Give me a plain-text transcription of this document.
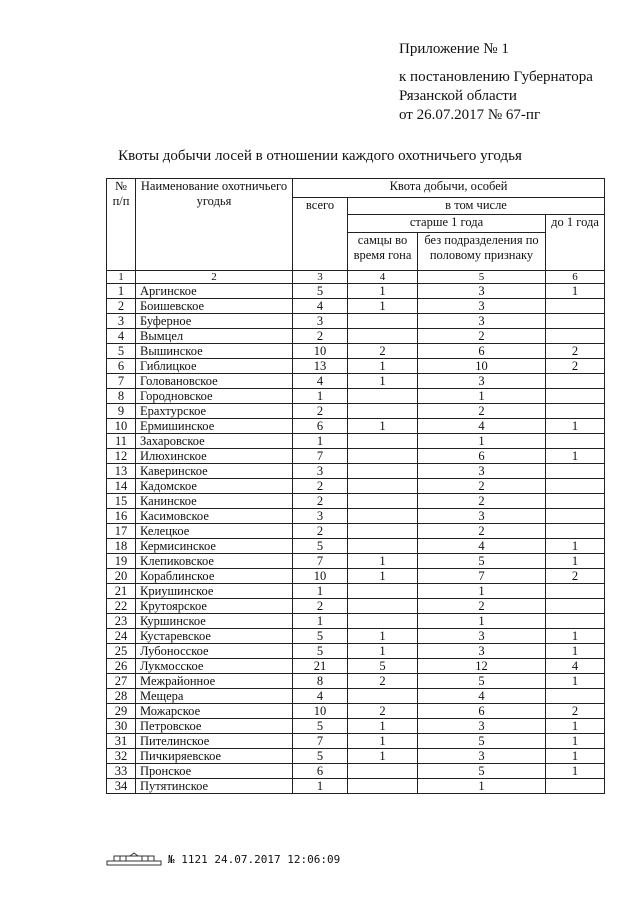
Приложение № 1
к постановлению Губернатора
Рязанской области
от 26.07.2017 № 67-пг
Квоты добычи лосей в отношении каждого охотничьего угодья
№ п/п	Наименование охотничьего угодья	Квота добычи, особей			
		всего	в том числе		
			старше 1 года		до 1 года
			самцы во время гона	без подразделения по половому признаку	
1	2	3	4	5	6
1	Аргинское	5	1	3	1
2	Боишевское	4	1	3	
3	Буферное	3		3	
4	Вымцел	2		2	
5	Вышинское	10	2	6	2
6	Гиблицкое	13	1	10	2
7	Головановское	4	1	3	
8	Городновское	1		1	
9	Ерахтурское	2		2	
10	Ермишинское	6	1	4	1
11	Захаровское	1		1	
12	Илюхинское	7		6	1
13	Каверинское	3		3	
14	Кадомское	2		2	
15	Канинское	2		2	
16	Касимовское	3		3	
17	Келецкое	2		2	
18	Кермисинское	5		4	1
19	Клепиковское	7	1	5	1
20	Кораблинское	10	1	7	2
21	Криушинское	1		1	
22	Крутоярское	2		2	
23	Куршинское	1		1	
24	Кустаревское	5	1	3	1
25	Лубоносское	5	1	3	1
26	Лукмосское	21	5	12	4
27	Межрайонное	8	2	5	1
28	Мещера	4		4	
29	Можарское	10	2	6	2
30	Петровское	5	1	3	1
31	Пителинское	7	1	5	1
32	Пичкиряевское	5	1	3	1
33	Пронское	6		5	1
34	Путятинское	1		1	
№ 1121 24.07.2017 12:06:09
